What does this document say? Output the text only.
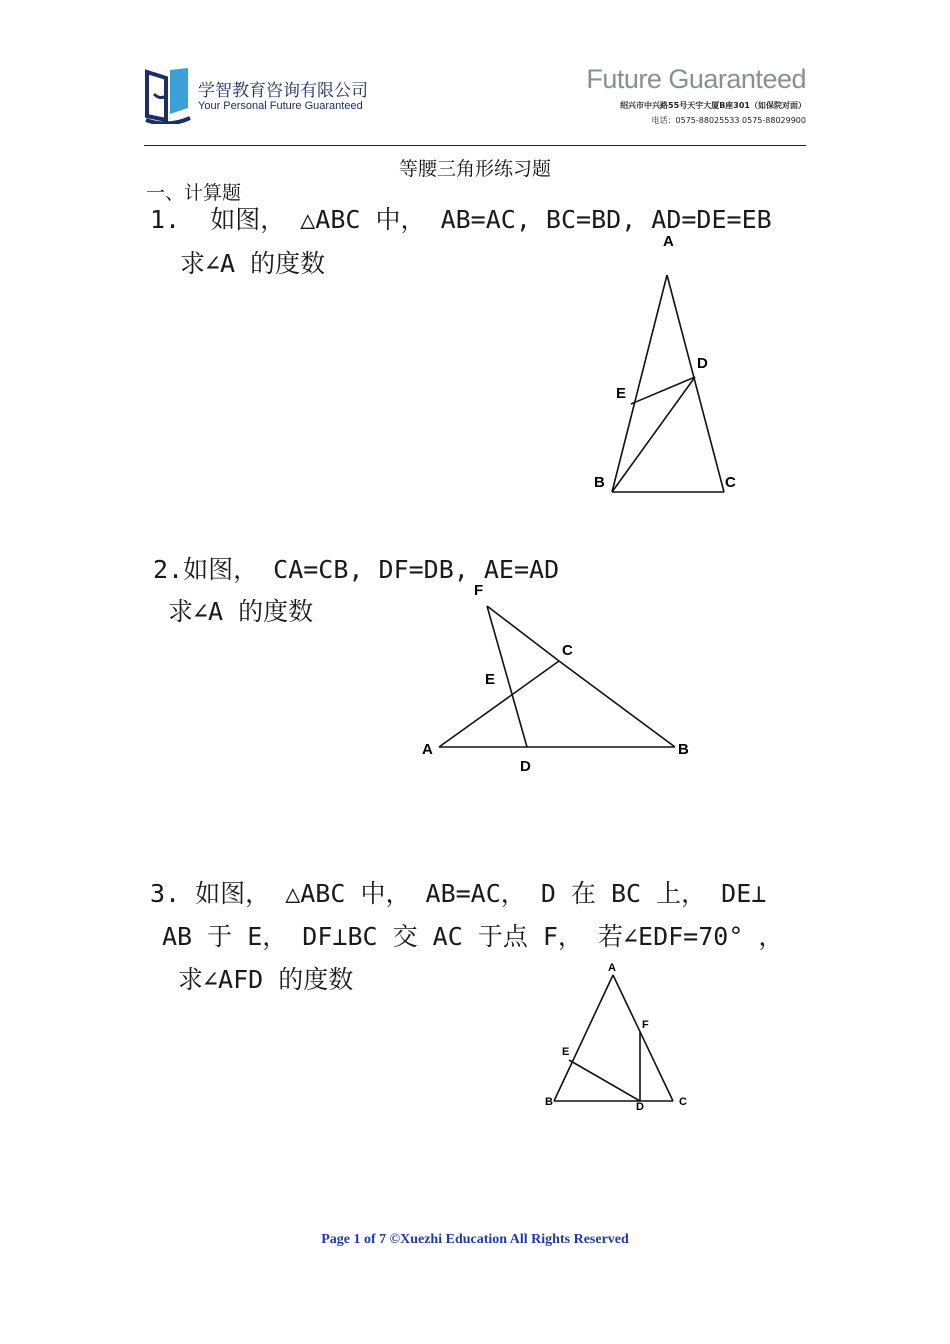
学智教育咨询有限公司
Your Personal Future Guaranteed
Future Guaranteed
绍兴市中兴路55号天宇大厦B座301（如保院对面）
电话：0575-88025533 0575-88029900
等腰三角形练习题
一、计算题
1.  如图， △ABC 中， AB=AC, BC=BD, AD=DE=EB
求∠A 的度数
A
D
E
B	C
2.如图， CA=CB, DF=DB, AE=AD
求∠A 的度数
F
C
E
A	B
D
3. 如图， △ABC 中， AB=AC， D 在 BC 上， DE⊥
AB 于 E， DF⊥BC 交 AC 于点 F， 若∠EDF=70° ，
求∠AFD 的度数	A
F
E
B	D	C
Page 1 of 7 ©Xuezhi Education All Rights Reserved
